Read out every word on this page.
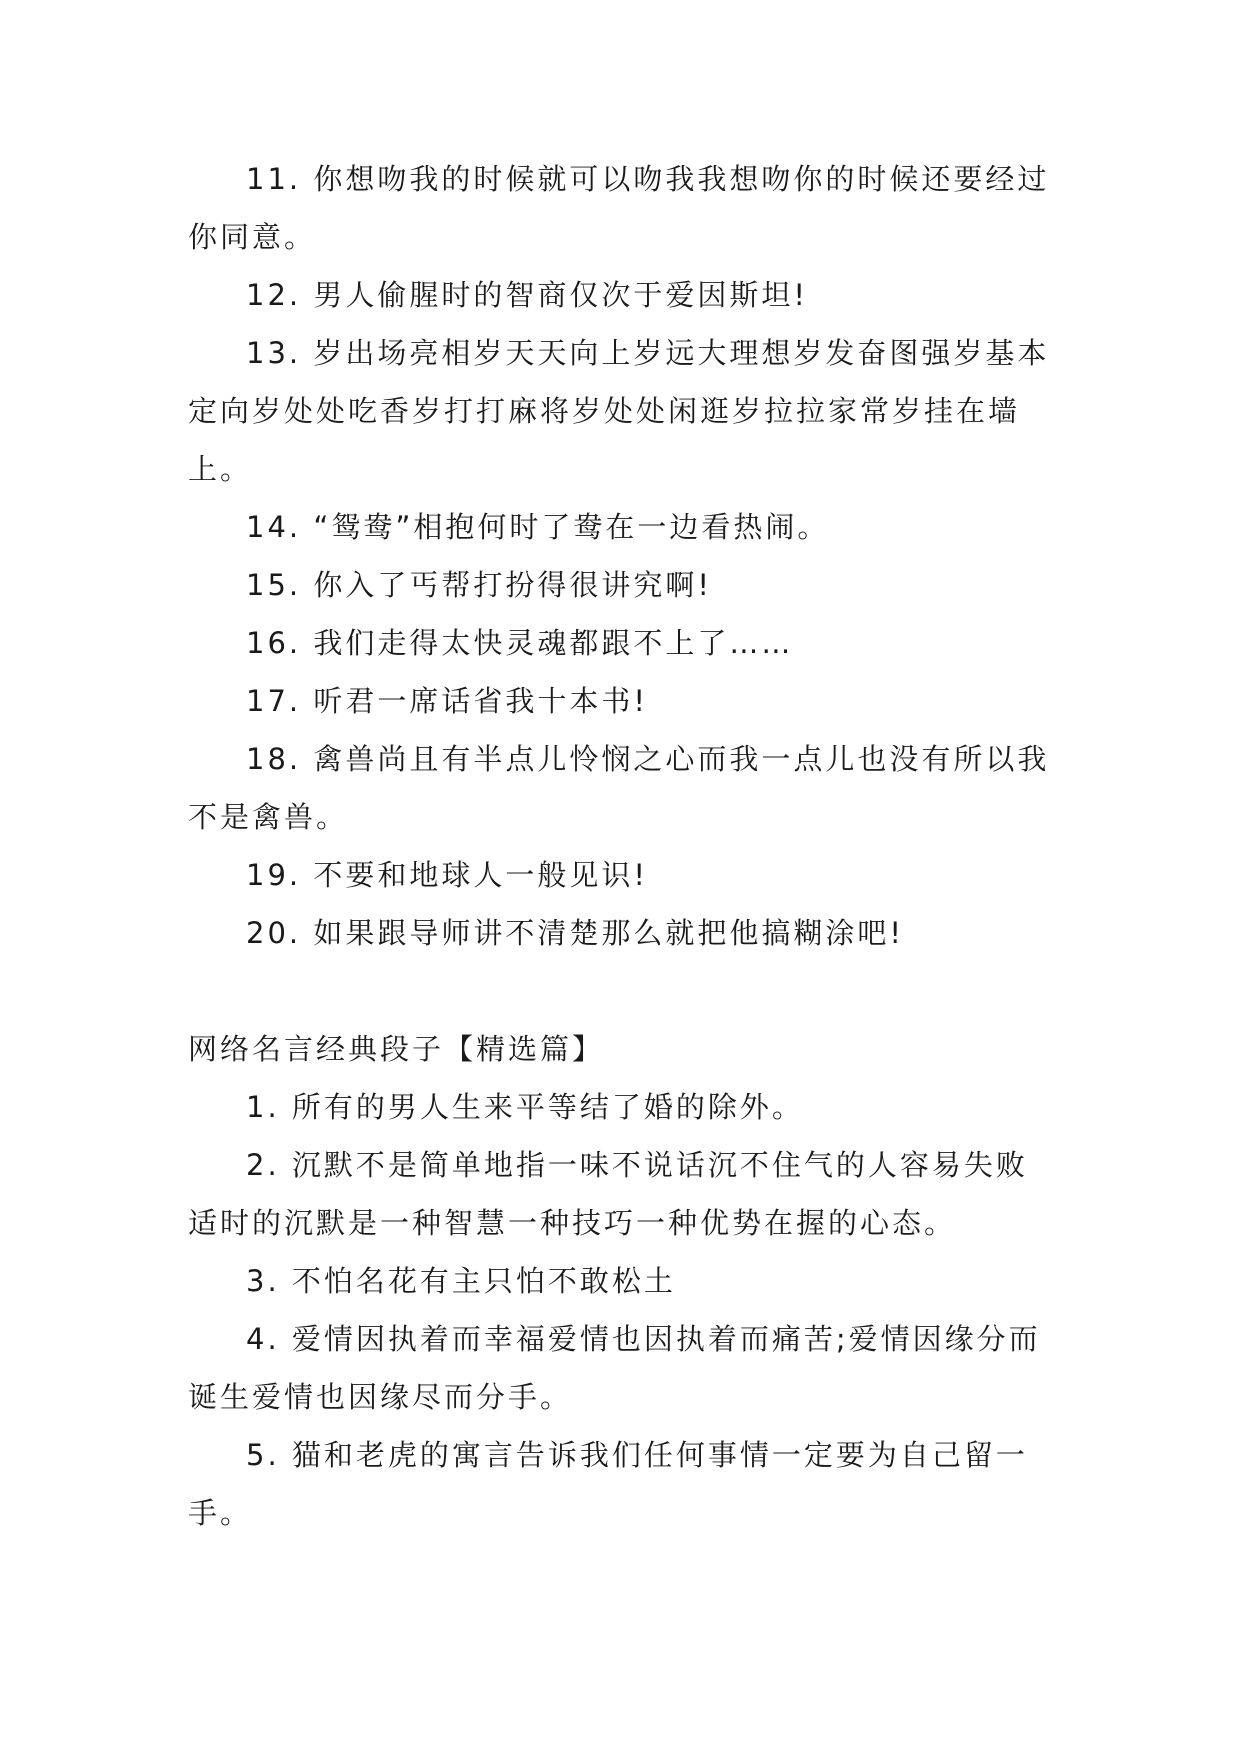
11. 你想吻我的时候就可以吻我我想吻你的时候还要经过你同意。

12. 男人偷腥时的智商仅次于爱因斯坦!

13. 岁出场亮相岁天天向上岁远大理想岁发奋图强岁基本定向岁处处吃香岁打打麻将岁处处闲逛岁拉拉家常岁挂在墙上。

14. “鸳鸯”相抱何时了鸯在一边看热闹。

15. 你入了丐帮打扮得很讲究啊!

16. 我们走得太快灵魂都跟不上了……

17. 听君一席话省我十本书!

18. 禽兽尚且有半点儿怜悯之心而我一点儿也没有所以我不是禽兽。

19. 不要和地球人一般见识!

20. 如果跟导师讲不清楚那么就把他搞糊涂吧!

网络名言经典段子【精选篇】

1. 所有的男人生来平等结了婚的除外。

2. 沉默不是简单地指一味不说话沉不住气的人容易失败适时的沉默是一种智慧一种技巧一种优势在握的心态。

3. 不怕名花有主只怕不敢松土

4. 爱情因执着而幸福爱情也因执着而痛苦;爱情因缘分而诞生爱情也因缘尽而分手。

5. 猫和老虎的寓言告诉我们任何事情一定要为自己留一手。
